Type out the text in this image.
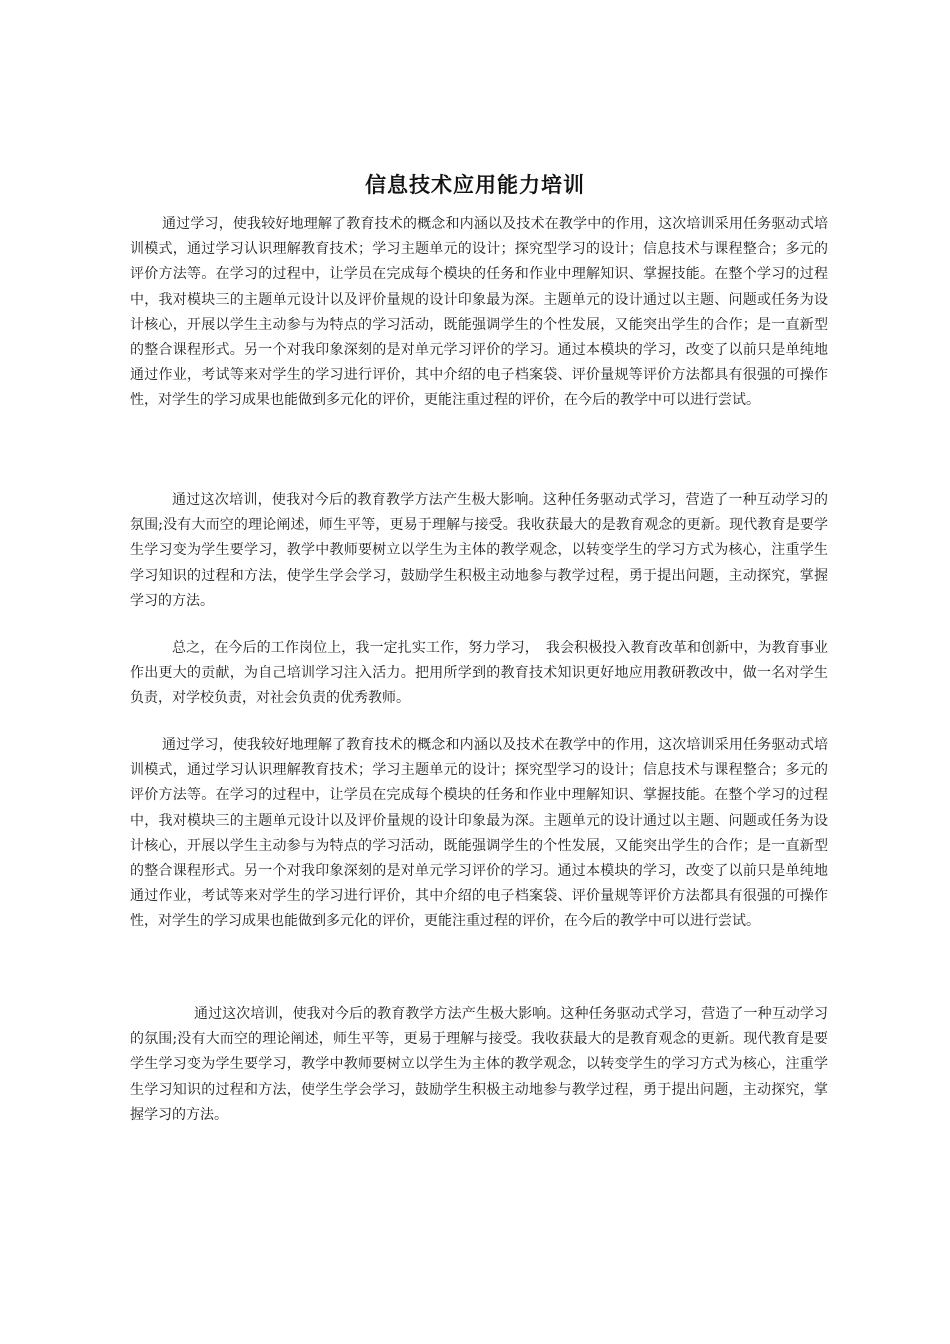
信息技术应用能力培训

通过学习，使我较好地理解了教育技术的概念和内涵以及技术在教学中的作用，这次培训采用任务驱动式培训模式，通过学习认识理解教育技术；学习主题单元的设计；探究型学习的设计；信息技术与课程整合；多元的评价方法等。在学习的过程中，让学员在完成每个模块的任务和作业中理解知识、掌握技能。在整个学习的过程中，我对模块三的主题单元设计以及评价量规的设计印象最为深。主题单元的设计通过以主题、问题或任务为设计核心，开展以学生主动参与为特点的学习活动，既能强调学生的个性发展，又能突出学生的合作；是一直新型的整合课程形式。另一个对我印象深刻的是对单元学习评价的学习。通过本模块的学习，改变了以前只是单纯地通过作业，考试等来对学生的学习进行评价，其中介绍的电子档案袋、评价量规等评价方法都具有很强的可操作性，对学生的学习成果也能做到多元化的评价，更能注重过程的评价，在今后的教学中可以进行尝试。

通过这次培训，使我对今后的教育教学方法产生极大影响。这种任务驱动式学习，营造了一种互动学习的氛围;没有大而空的理论阐述，师生平等，更易于理解与接受。我收获最大的是教育观念的更新。现代教育是要学生学习变为学生要学习，教学中教师要树立以学生为主体的教学观念，以转变学生的学习方式为核心，注重学生学习知识的过程和方法，使学生学会学习，鼓励学生积极主动地参与教学过程，勇于提出问题，主动探究，掌握学习的方法。

总之，在今后的工作岗位上，我一定扎实工作，努力学习，　我会积极投入教育改革和创新中，为教育事业作出更大的贡献，为自己培训学习注入活力。把用所学到的教育技术知识更好地应用教研教改中，做一名对学生负责，对学校负责，对社会负责的优秀教师。

通过学习，使我较好地理解了教育技术的概念和内涵以及技术在教学中的作用，这次培训采用任务驱动式培训模式，通过学习认识理解教育技术；学习主题单元的设计；探究型学习的设计；信息技术与课程整合；多元的评价方法等。在学习的过程中，让学员在完成每个模块的任务和作业中理解知识、掌握技能。在整个学习的过程中，我对模块三的主题单元设计以及评价量规的设计印象最为深。主题单元的设计通过以主题、问题或任务为设计核心，开展以学生主动参与为特点的学习活动，既能强调学生的个性发展，又能突出学生的合作；是一直新型的整合课程形式。另一个对我印象深刻的是对单元学习评价的学习。通过本模块的学习，改变了以前只是单纯地通过作业，考试等来对学生的学习进行评价，其中介绍的电子档案袋、评价量规等评价方法都具有很强的可操作性，对学生的学习成果也能做到多元化的评价，更能注重过程的评价，在今后的教学中可以进行尝试。

通过这次培训，使我对今后的教育教学方法产生极大影响。这种任务驱动式学习，营造了一种互动学习的氛围;没有大而空的理论阐述，师生平等，更易于理解与接受。我收获最大的是教育观念的更新。现代教育是要学生学习变为学生要学习，教学中教师要树立以学生为主体的教学观念，以转变学生的学习方式为核心，注重学生学习知识的过程和方法，使学生学会学习，鼓励学生积极主动地参与教学过程，勇于提出问题，主动探究，掌握学习的方法。
